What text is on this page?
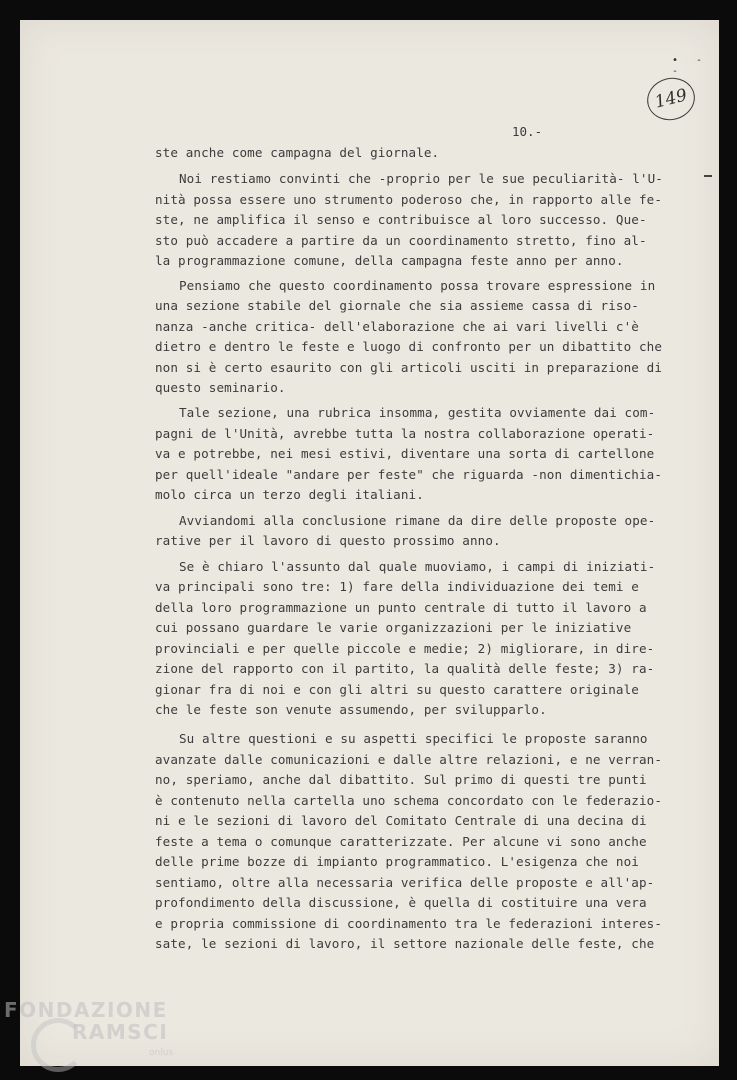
• - -
149
10.-
ste anche come campagna del giornale.
Noi restiamo convinti che -proprio per le sue peculiarità- l'U-
nità possa essere uno strumento poderoso che, in rapporto alle fe-
ste, ne amplifica il senso e contribuisce al loro successo. Que-
sto può accadere a partire da un coordinamento stretto, fino al-
la programmazione comune, della campagna feste anno per anno.
Pensiamo che questo coordinamento possa trovare espressione in
una sezione stabile del giornale che sia assieme cassa di riso-
nanza -anche critica- dell'elaborazione che ai vari livelli c'è
dietro e dentro le feste e luogo di confronto per un dibattito che
non si è certo esaurito con gli articoli usciti in preparazione di
questo seminario.
Tale sezione, una rubrica insomma, gestita ovviamente dai com-
pagni de l'Unità, avrebbe tutta la nostra collaborazione operati-
va e potrebbe, nei mesi estivi, diventare una sorta di cartellone
per quell'ideale "andare per feste" che riguarda -non dimentichia-
molo circa un terzo degli italiani.
Avviandomi alla conclusione rimane da dire delle proposte ope-
rative per il lavoro di questo prossimo anno.
Se è chiaro l'assunto dal quale muoviamo, i campi di iniziati-
va principali sono tre: 1) fare della individuazione dei temi e
della loro programmazione un punto centrale di tutto il lavoro a
cui possano guardare le varie organizzazioni per le iniziative
provinciali e per quelle piccole e medie; 2) migliorare, in dire-
zione del rapporto con il partito, la qualità delle feste; 3) ra-
gionar fra di noi e con gli altri su questo carattere originale
che le feste son venute assumendo, per svilupparlo.
Su altre questioni e su aspetti specifici le proposte saranno
avanzate dalle comunicazioni e dalle altre relazioni, e ne verran-
no, speriamo, anche dal dibattito. Sul primo di questi tre punti
è contenuto nella cartella uno schema concordato con le federazio-
ni e le sezioni di lavoro del Comitato Centrale di una decina di
feste a tema o comunque caratterizzate. Per alcune vi sono anche
delle prime bozze di impianto programmatico. L'esigenza che noi
sentiamo, oltre alla necessaria verifica delle proposte e all'ap-
profondimento della discussione, è quella di costituire una vera
e propria commissione di coordinamento tra le federazioni interes-
sate, le sezioni di lavoro, il settore nazionale delle feste, che
FONDAZIONE
RAMSCI
onlus
